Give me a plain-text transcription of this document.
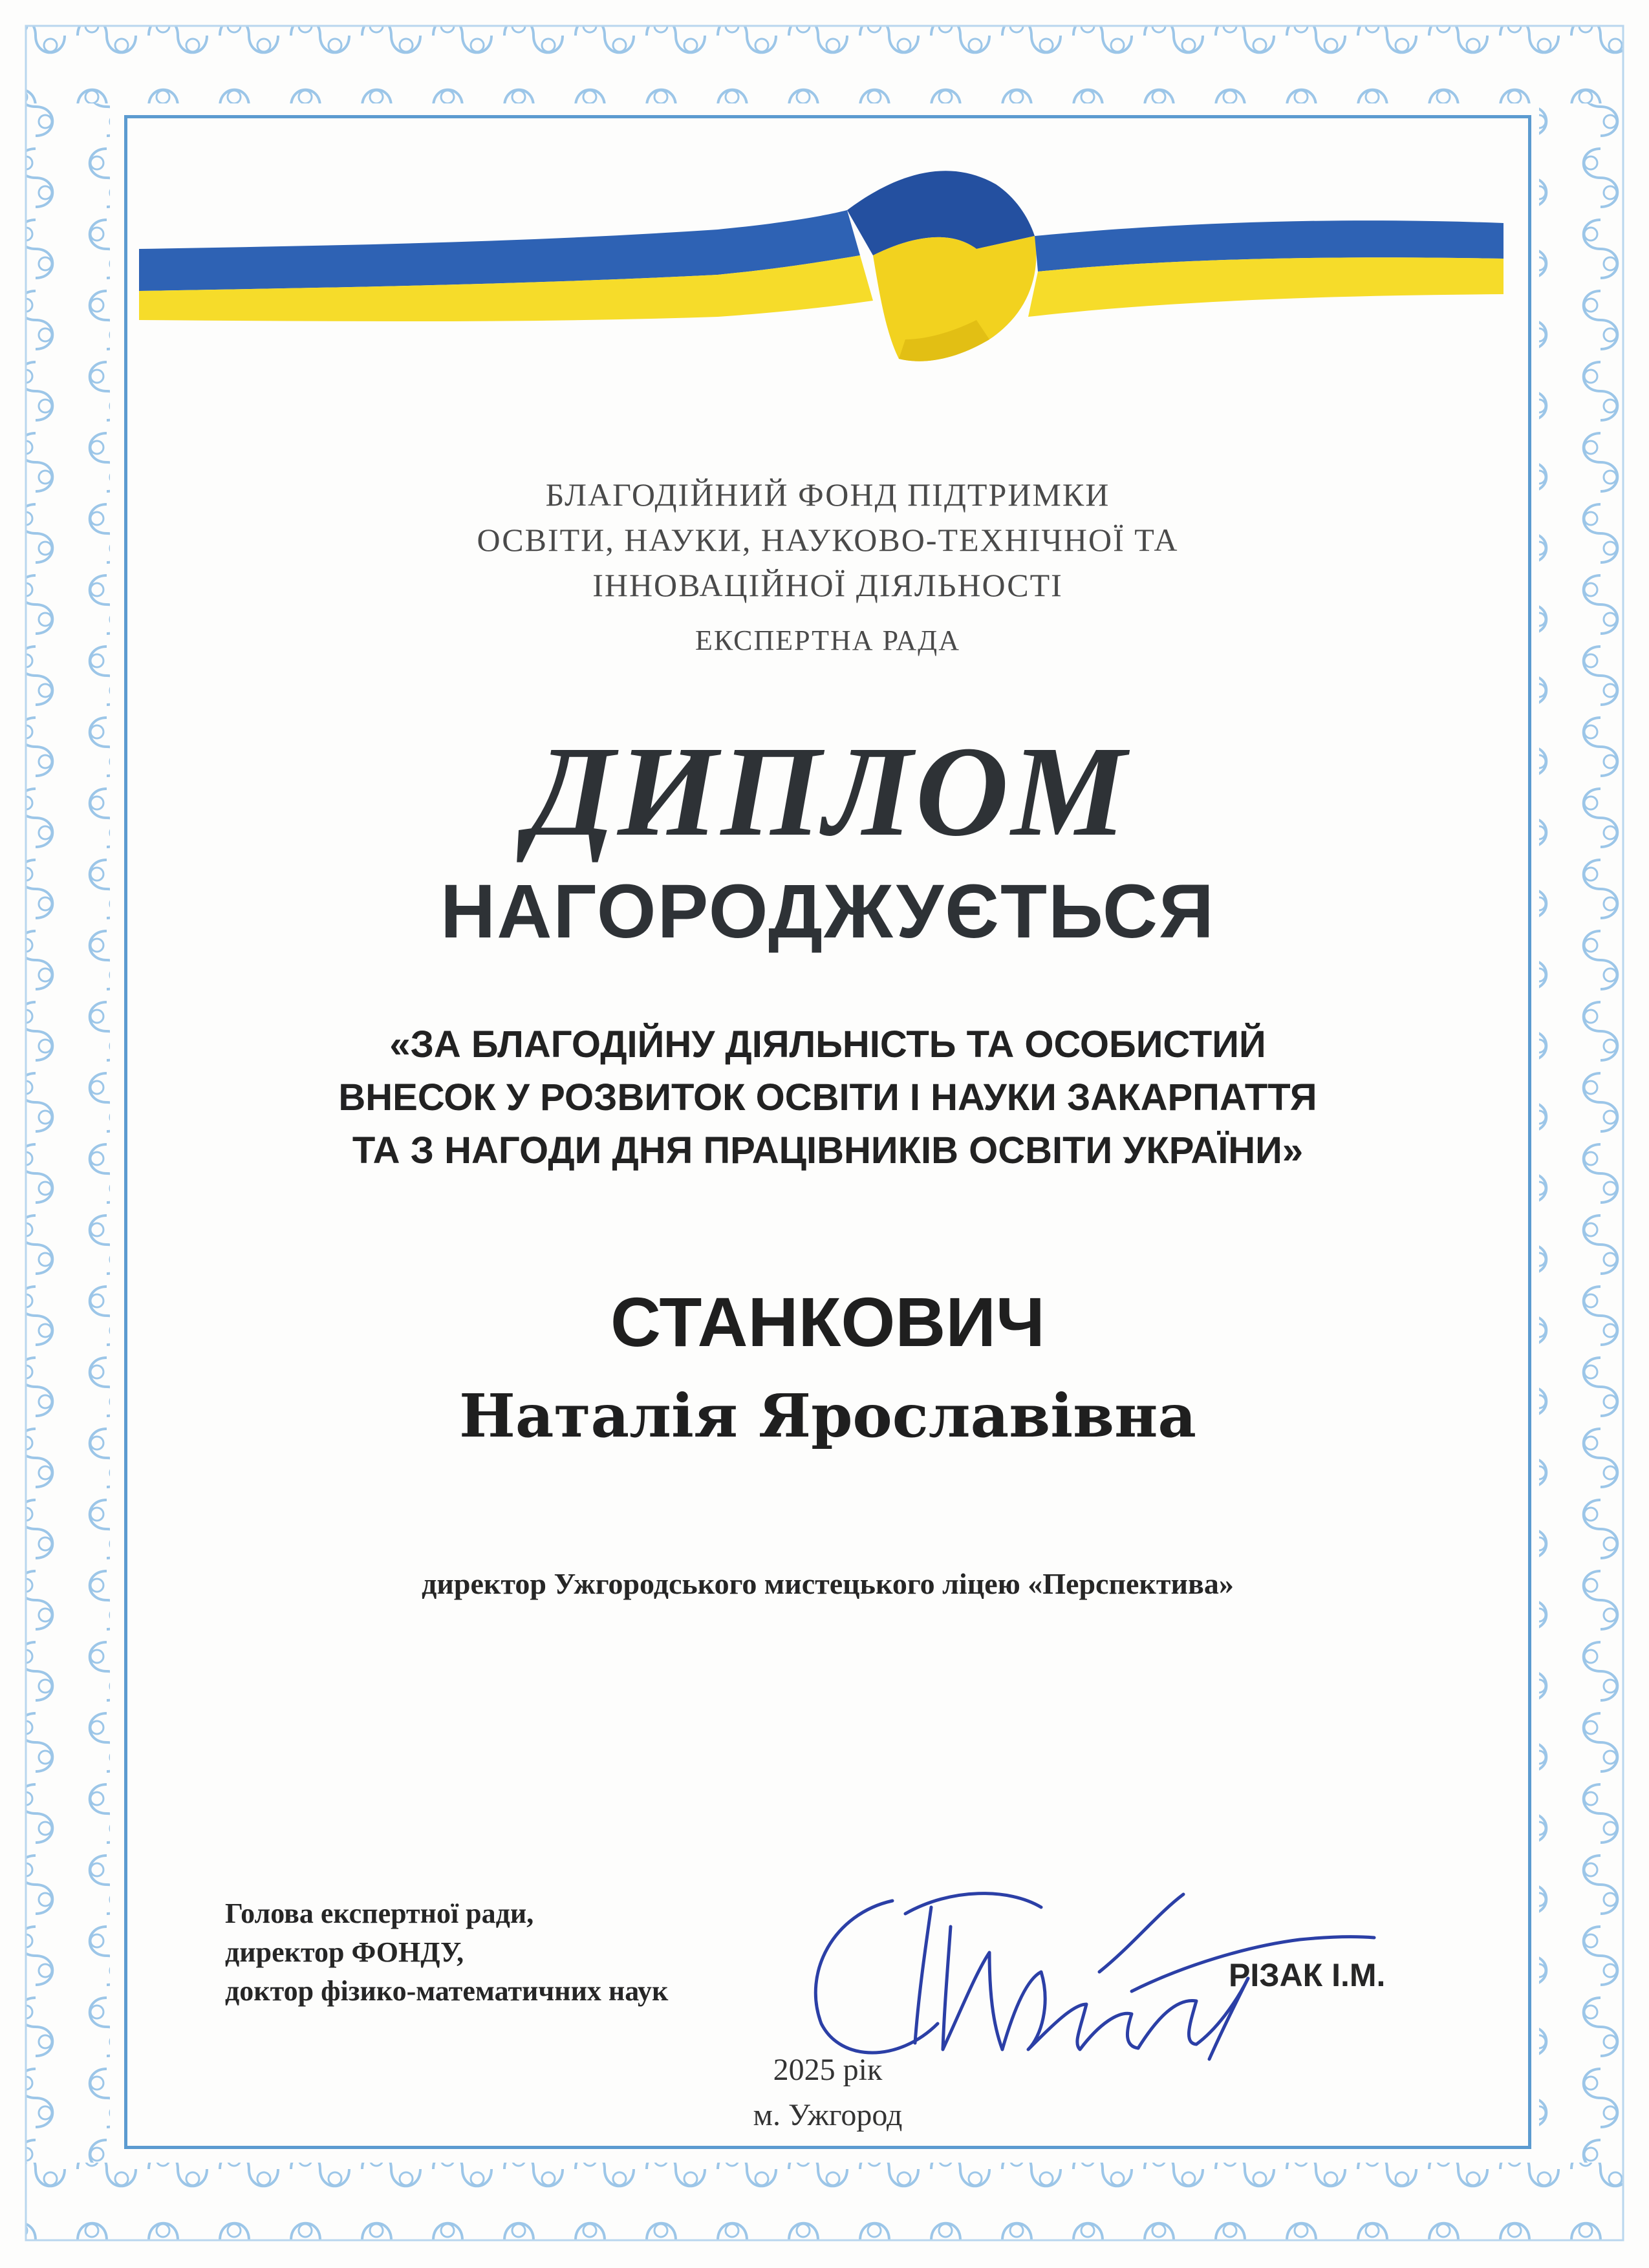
БЛАГОДІЙНИЙ ФОНД ПІДТРИМКИ
ОСВІТИ, НАУКИ, НАУКОВО-ТЕХНІЧНОЇ ТА
ІННОВАЦІЙНОЇ ДІЯЛЬНОСТІ
ЕКСПЕРТНА РАДА
ДИПЛОМ
НАГОРОДЖУЄТЬСЯ
«ЗА БЛАГОДІЙНУ ДІЯЛЬНІСТЬ ТА ОСОБИСТИЙ
ВНЕСОК У РОЗВИТОК ОСВІТИ І НАУКИ ЗАКАРПАТТЯ
ТА З НАГОДИ ДНЯ ПРАЦІВНИКІВ ОСВІТИ УКРАЇНИ»
СТАНКОВИЧ
Наталія Ярославівна
директор Ужгородського мистецького ліцею «Перспектива»
Голова експертної ради,
директор ФОНДУ,
доктор фізико-математичних наук	РІЗАК І.М.
2025 рік
м. Ужгород
